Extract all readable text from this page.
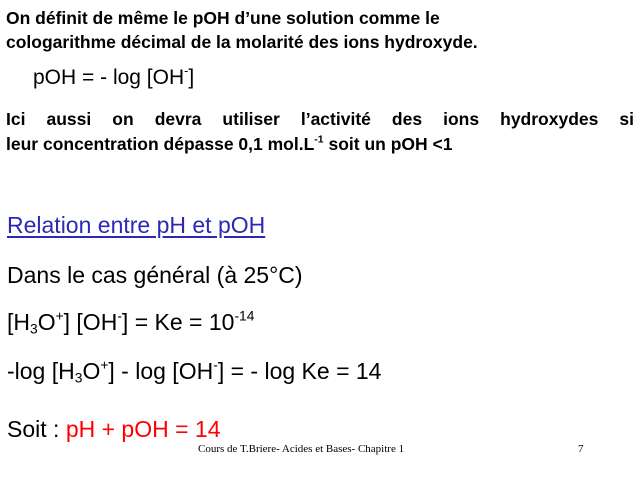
On définit de même le pOH d’une solution comme le
cologarithme décimal de la molarité des ions hydroxyde.
pOH = - log [OH-]
Ici aussi on devra utiliser l’activité des ions hydroxydes si
leur concentration dépasse 0,1 $mol.L^{-1}$ soit un pOH <1
Relation entre pH et pOH
Dans le cas général (à 25°C)
$[H_3O^+] [OH^-] = Ke = 10^{-14}$
-log $[H_3O^+]$ - log [OH-] = - log Ke = 14
Soit : pH + pOH = 14
Cours de T.Briere- Acides et Bases- Chapitre 1	7
